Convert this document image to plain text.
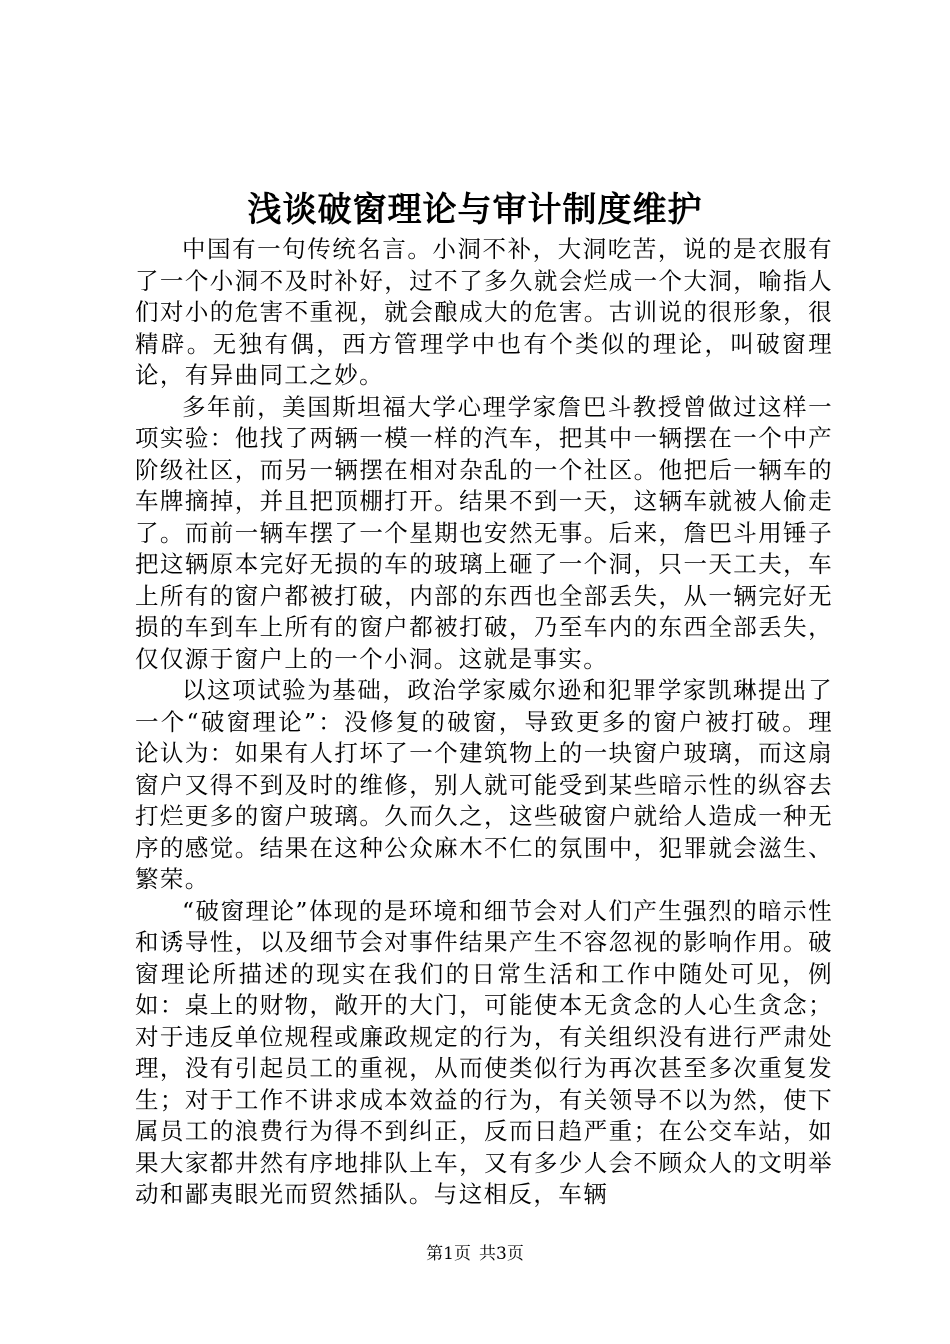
浅谈破窗理论与审计制度维护

中国有一句传统名言。小洞不补，大洞吃苦，说的是衣服有了一个小洞不及时补好，过不了多久就会烂成一个大洞，喻指人们对小的危害不重视，就会酿成大的危害。古训说的很形象，很精辟。无独有偶，西方管理学中也有个类似的理论，叫破窗理论，有异曲同工之妙。

多年前，美国斯坦福大学心理学家詹巴斗教授曾做过这样一项实验：他找了两辆一模一样的汽车，把其中一辆摆在一个中产阶级社区，而另一辆摆在相对杂乱的一个社区。他把后一辆车的车牌摘掉，并且把顶棚打开。结果不到一天，这辆车就被人偷走了。而前一辆车摆了一个星期也安然无事。后来，詹巴斗用锤子把这辆原本完好无损的车的玻璃上砸了一个洞，只一天工夫，车上所有的窗户都被打破，内部的东西也全部丢失，从一辆完好无损的车到车上所有的窗户都被打破，乃至车内的东西全部丢失，仅仅源于窗户上的一个小洞。这就是事实。

以这项试验为基础，政治学家威尔逊和犯罪学家凯琳提出了一个“破窗理论”：没修复的破窗，导致更多的窗户被打破。理论认为：如果有人打坏了一个建筑物上的一块窗户玻璃，而这扇窗户又得不到及时的维修，别人就可能受到某些暗示性的纵容去打烂更多的窗户玻璃。久而久之，这些破窗户就给人造成一种无序的感觉。结果在这种公众麻木不仁的氛围中，犯罪就会滋生、繁荣。

“破窗理论”体现的是环境和细节会对人们产生强烈的暗示性和诱导性，以及细节会对事件结果产生不容忽视的影响作用。破窗理论所描述的现实在我们的日常生活和工作中随处可见，例如：桌上的财物，敞开的大门，可能使本无贪念的人心生贪念；对于违反单位规程或廉政规定的行为，有关组织没有进行严肃处理，没有引起员工的重视，从而使类似行为再次甚至多次重复发生；对于工作不讲求成本效益的行为，有关领导不以为然，使下属员工的浪费行为得不到纠正，反而日趋严重；在公交车站，如果大家都井然有序地排队上车，又有多少人会不顾众人的文明举动和鄙夷眼光而贸然插队。与这相反，车辆

第1页 共3页
